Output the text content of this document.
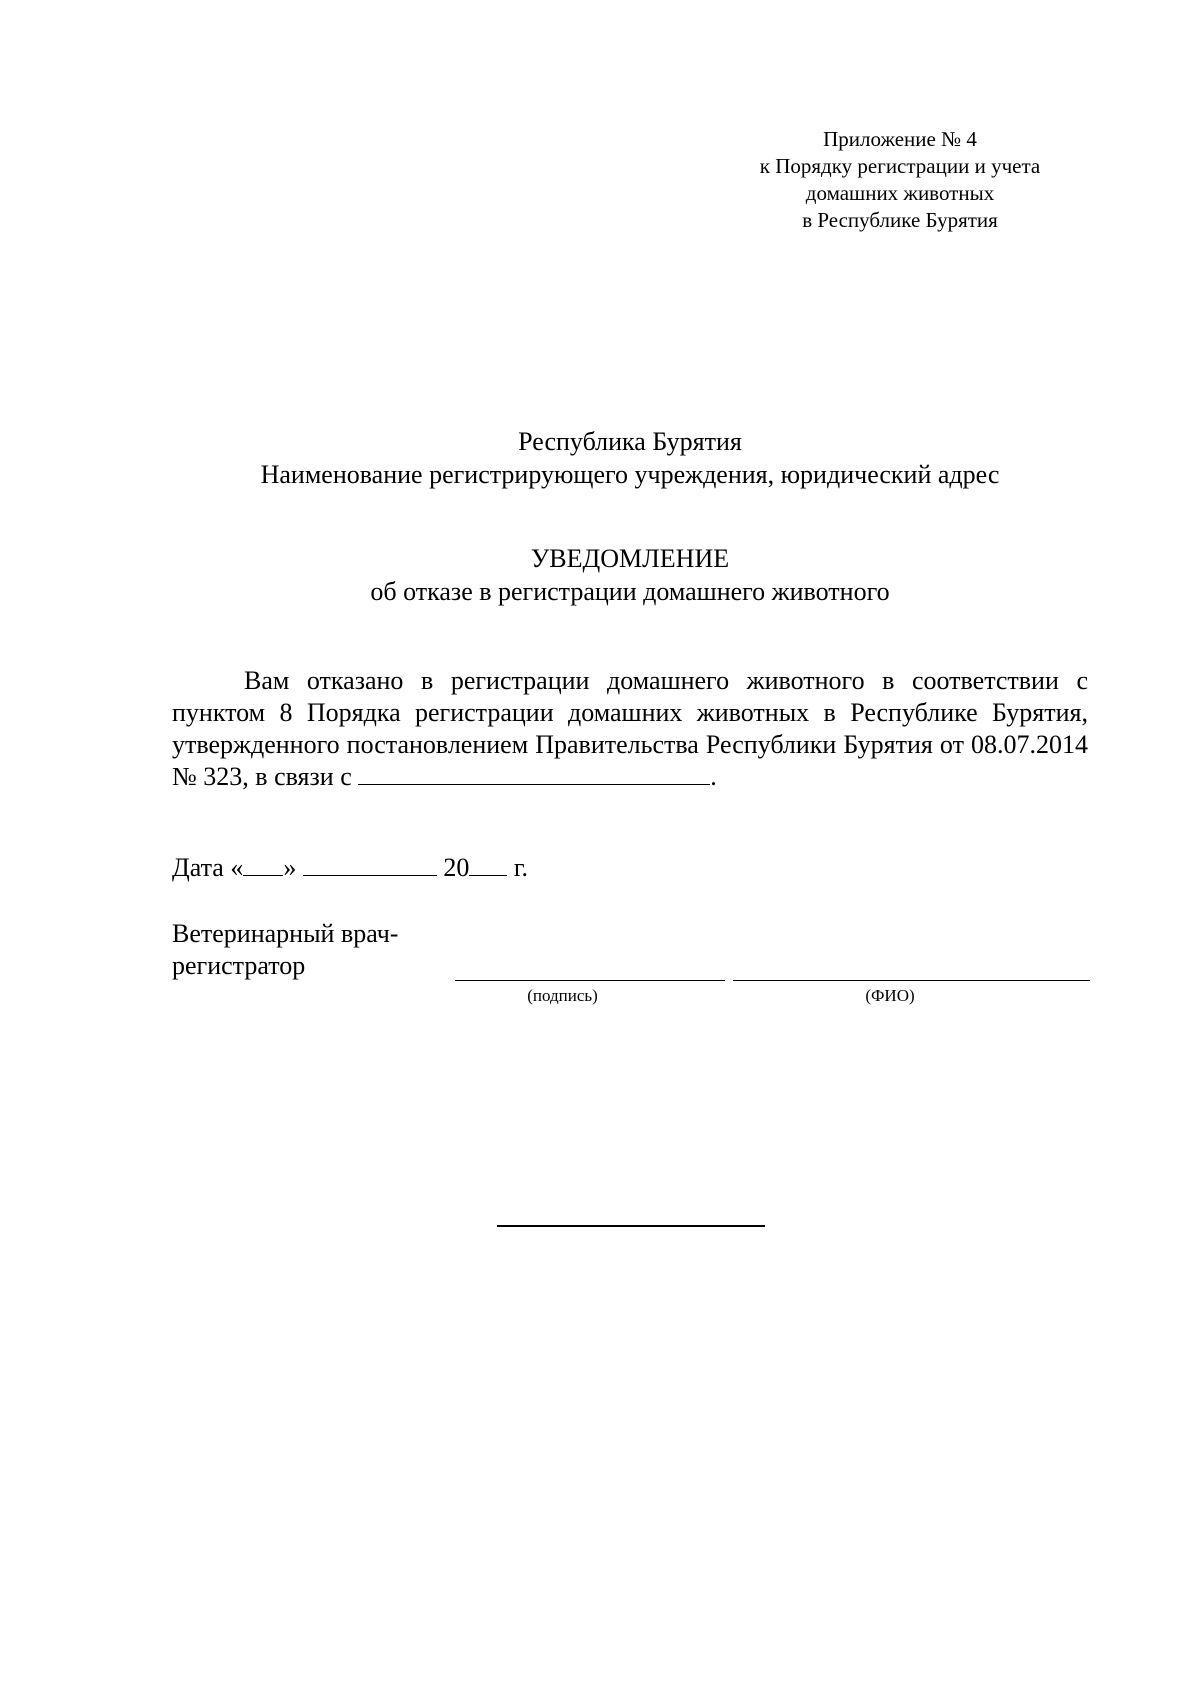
Приложение № 4
к Порядку регистрации и учета
домашних животных
в Республике Бурятия
Республика Бурятия
Наименование регистрирующего учреждения, юридический адрес
УВЕДОМЛЕНИЕ
об отказе в регистрации домашнего животного

Вам отказано в регистрации домашнего животного в соответствии с пунктом 8 Порядка регистрации домашних животных в Республике Бурятия, утвержденного постановлением Правительства Республики Бурятия от 08.07.2014 № 323, в связи с	.

Дата « »	20 г.
Ветеринарный врач-регистратор
(подпись)	(ФИО)
